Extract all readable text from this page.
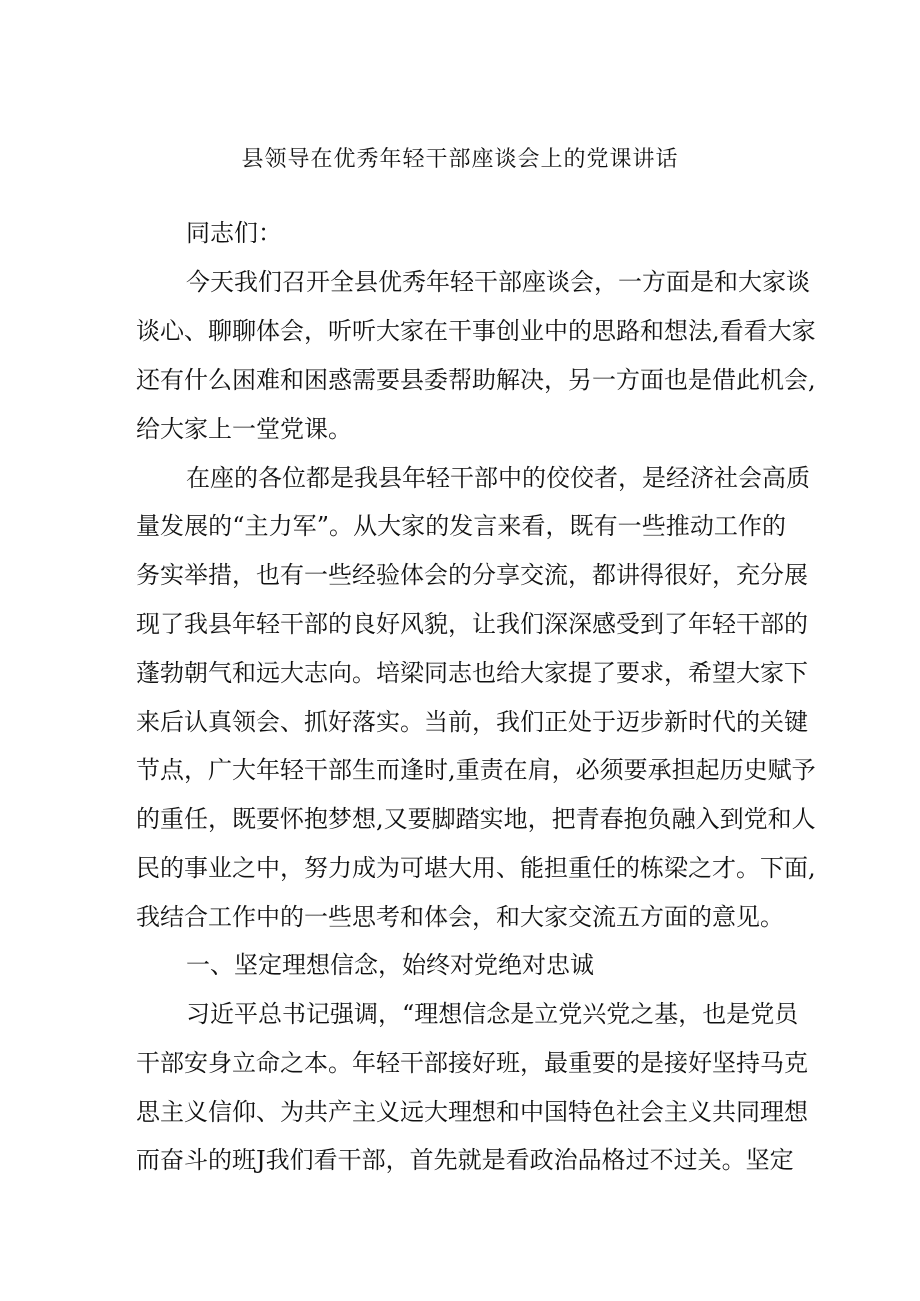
县领导在优秀年轻干部座谈会上的党课讲话
同志们：
今天我们召开全县优秀年轻干部座谈会，一方面是和大家谈
谈心、聊聊体会，听听大家在干事创业中的思路和想法,看看大家
还有什么困难和困惑需要县委帮助解决，另一方面也是借此机会,
给大家上一堂党课。
在座的各位都是我县年轻干部中的佼佼者，是经济社会高质
量发展的“主力军”。从大家的发言来看，既有一些推动工作的
务实举措，也有一些经验体会的分享交流，都讲得很好，充分展
现了我县年轻干部的良好风貌，让我们深深感受到了年轻干部的
蓬勃朝气和远大志向。培梁同志也给大家提了要求，希望大家下
来后认真领会、抓好落实。当前，我们正处于迈步新时代的关键
节点，广大年轻干部生而逢时,重责在肩，必须要承担起历史赋予
的重任，既要怀抱梦想,又要脚踏实地，把青春抱负融入到党和人
民的事业之中，努力成为可堪大用、能担重任的栋梁之才。下面,
我结合工作中的一些思考和体会，和大家交流五方面的意见。
一、坚定理想信念，始终对党绝对忠诚
习近平总书记强调，“理想信念是立党兴党之基，也是党员
干部安身立命之本。年轻干部接好班，最重要的是接好坚持马克
思主义信仰、为共产主义远大理想和中国特色社会主义共同理想
而奋斗的班J我们看干部，首先就是看政治品格过不过关。坚定
